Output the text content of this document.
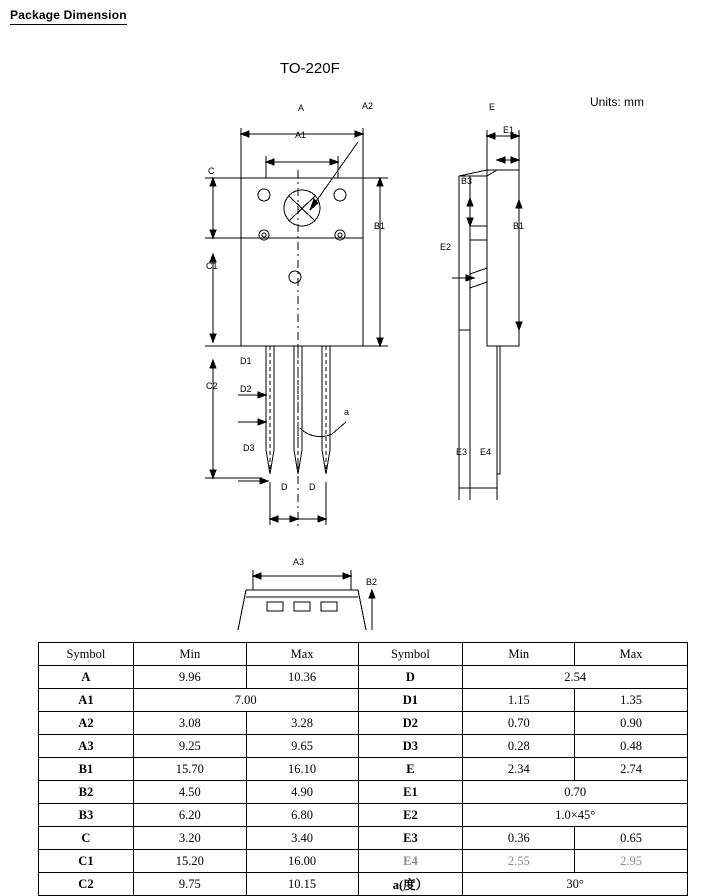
Package Dimension
TO-220F
Units: mm
A
A1
A2
C
C1
C2
B1
D1
D2
D3
D D
a
E
E1
E2
E3 E4
B1
B3
A3
B2
Symbol	Min	Max	Symbol	Min	Max
A	9.96	10.36	D	2.54	
A1	7.00		D1	1.15	1.35
A2	3.08	3.28	D2	0.70	0.90
A3	9.25	9.65	D3	0.28	0.48
B1	15.70	16.10	E	2.34	2.74
B2	4.50	4.90	E1	0.70	
B3	6.20	6.80	E2	1.0×45°	
C	3.20	3.40	E3	0.36	0.65
C1	15.20	16.00	E4	2.55	2.95
C2	9.75	10.15	a(度）	30°	
